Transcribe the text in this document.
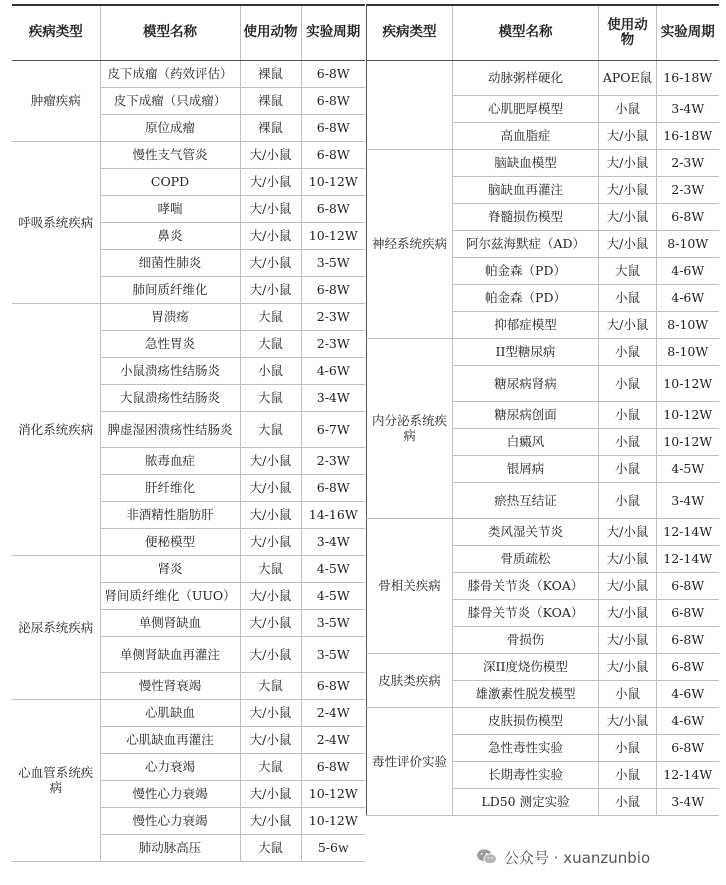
疾病类型	模型名称	使用动物	实验周期
肿瘤疾病	皮下成瘤（药效评估）	裸鼠	6-8W
	皮下成瘤（只成瘤）	裸鼠	6-8W
	原位成瘤	裸鼠	6-8W
呼吸系统疾病	慢性支气管炎	大/小鼠	6-8W
	COPD	大/小鼠	10-12W
	哮喘	大/小鼠	6-8W
	鼻炎	大/小鼠	10-12W
	细菌性肺炎	大/小鼠	3-5W
	肺间质纤维化	大/小鼠	6-8W
消化系统疾病	胃溃疡	大鼠	2-3W
	急性胃炎	大鼠	2-3W
	小鼠溃疡性结肠炎	小鼠	4-6W
	大鼠溃疡性结肠炎	大鼠	3-4W
	脾虚湿困溃疡性结肠炎	大鼠	6-7W
	脓毒血症	大/小鼠	2-3W
	肝纤维化	大/小鼠	6-8W
	非酒精性脂肪肝	大/小鼠	14-16W
	便秘模型	大/小鼠	3-4W
泌尿系统疾病	肾炎	大鼠	4-5W
	肾间质纤维化（UUO）	大/小鼠	4-5W
	单侧肾缺血	大/小鼠	3-5W
	单侧肾缺血再灌注	大/小鼠	3-5W
	慢性肾衰竭	大鼠	6-8W
心血管系统疾病	心肌缺血	大/小鼠	2-4W
	心肌缺血再灌注	大/小鼠	2-4W
	心力衰竭	大鼠	6-8W
	慢性心力衰竭	大/小鼠	10-12W
	慢性心力衰竭	大/小鼠	10-12W
	肺动脉高压	大鼠	5-6w
疾病类型	模型名称	使用动物	实验周期
	动脉粥样硬化	APOE鼠	16-18W
	心肌肥厚模型	小鼠	3-4W
	高血脂症	大/小鼠	16-18W
神经系统疾病	脑缺血模型	大/小鼠	2-3W
	脑缺血再灌注	大/小鼠	2-3W
	脊髓损伤模型	大/小鼠	6-8W
	阿尔兹海默症（AD）	大/小鼠	8-10W
	帕金森（PD）	大鼠	4-6W
	帕金森（PD）	小鼠	4-6W
	抑郁症模型	大/小鼠	8-10W
内分泌系统疾病	II型糖尿病	小鼠	8-10W
	糖尿病肾病	小鼠	10-12W
	糖尿病创面	小鼠	10-12W
	白癜风	小鼠	10-12W
	银屑病	小鼠	4-5W
	瘀热互结证	小鼠	3-4W
骨相关疾病	类风湿关节炎	大/小鼠	12-14W
	骨质疏松	大/小鼠	12-14W
	膝骨关节炎（KOA）	大/小鼠	6-8W
	膝骨关节炎（KOA）	大/小鼠	6-8W
	骨损伤	大/小鼠	6-8W
皮肤类疾病	深II度烧伤模型	大/小鼠	6-8W
	雄激素性脱发模型	小鼠	4-6W
毒性评价实验	皮肤损伤模型	大/小鼠	4-6W
	急性毒性实验	小鼠	6-8W
	长期毒性实验	小鼠	12-14W
	LD50 测定实验	小鼠	3-4W
公众号 · xuanzunbio
